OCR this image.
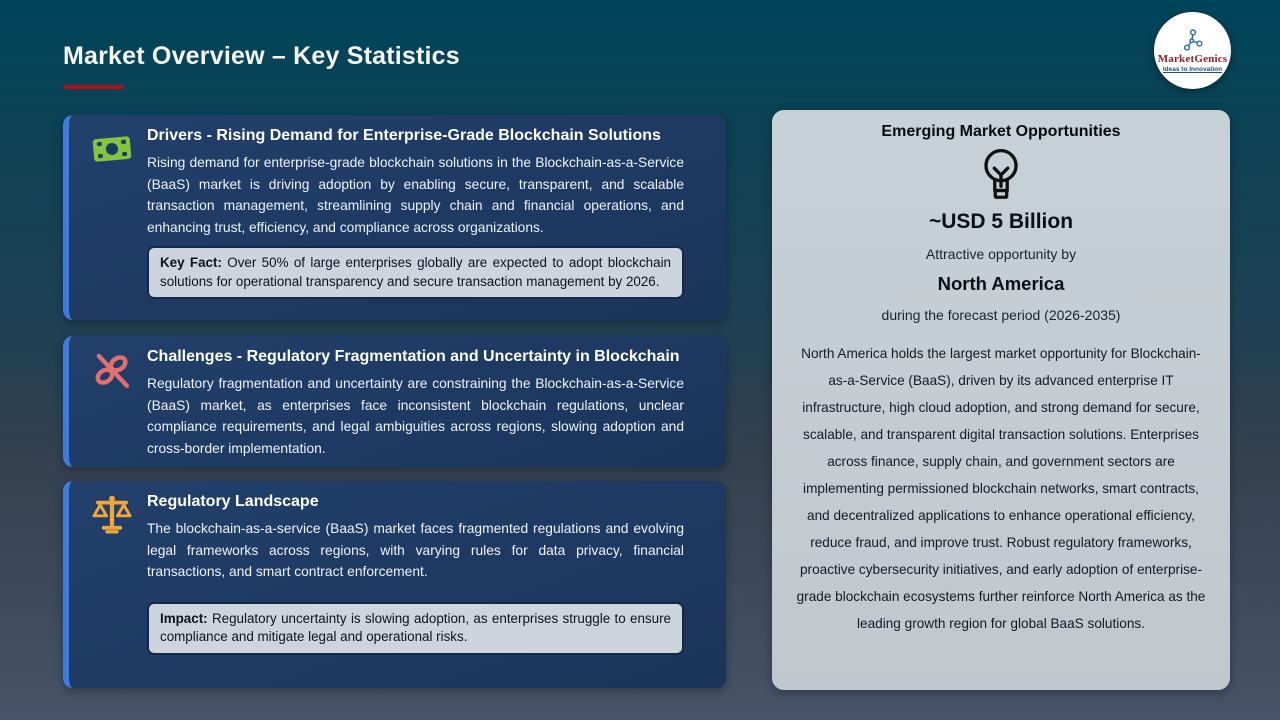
Market Overview – Key Statistics	MarketGenics
Ideas to Innovation
Drivers - Rising Demand for Enterprise-Grade Blockchain Solutions

Rising demand for enterprise-grade blockchain solutions in the Blockchain-as-a-Service (BaaS) market is driving adoption by enabling secure, transparent, and scalable transaction management, streamlining supply chain and financial operations, and enhancing trust, efficiency, and compliance across organizations.

Key Fact: Over 50% of large enterprises globally are expected to adopt blockchain solutions for operational transparency and secure transaction management by 2026.
Challenges - Regulatory Fragmentation and Uncertainty in Blockchain

Regulatory fragmentation and uncertainty are constraining the Blockchain-as-a-Service (BaaS) market, as enterprises face inconsistent blockchain regulations, unclear compliance requirements, and legal ambiguities across regions, slowing adoption and cross-border implementation.

Regulatory Landscape

The blockchain-as-a-service (BaaS) market faces fragmented regulations and evolving legal frameworks across regions, with varying rules for data privacy, financial transactions, and smart contract enforcement.

Impact: Regulatory uncertainty is slowing adoption, as enterprises struggle to ensure compliance and mitigate legal and operational risks.
Emerging Market Opportunities
~USD 5 Billion
Attractive opportunity by
North America
during the forecast period (2026-2035)

North America holds the largest market opportunity for Blockchain-as-a-Service (BaaS), driven by its advanced enterprise IT infrastructure, high cloud adoption, and strong demand for secure, scalable, and transparent digital transaction solutions. Enterprises across finance, supply chain, and government sectors are implementing permissioned blockchain networks, smart contracts, and decentralized applications to enhance operational efficiency, reduce fraud, and improve trust. Robust regulatory frameworks, proactive cybersecurity initiatives, and early adoption of enterprise-grade blockchain ecosystems further reinforce North America as the leading growth region for global BaaS solutions.
